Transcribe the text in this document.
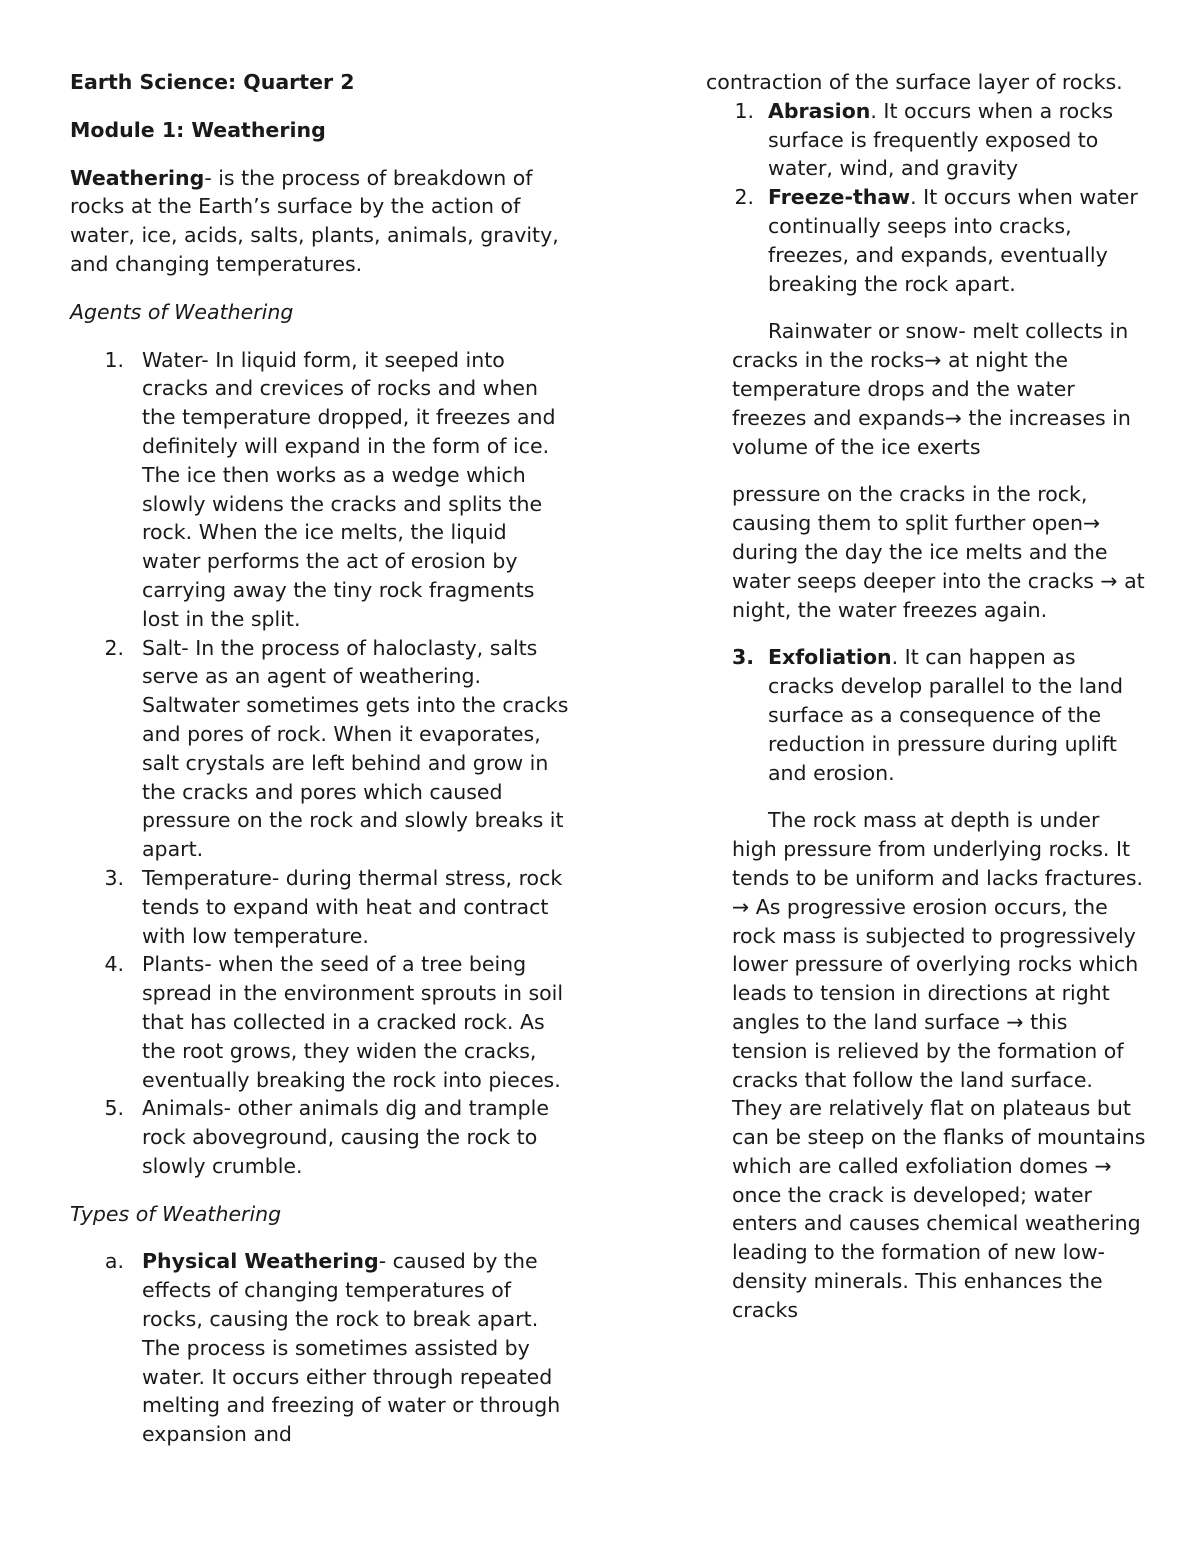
Earth Science: Quarter 2

Module 1: Weathering

Weathering- is the process of breakdown of rocks at the Earth’s surface by the action of water, ice, acids, salts, plants, animals, gravity, and changing temperatures.

Agents of Weathering

1. Water- In liquid form, it seeped into cracks and crevices of rocks and when the temperature dropped, it freezes and definitely will expand in the form of ice. The ice then works as a wedge which slowly widens the cracks and splits the rock. When the ice melts, the liquid water performs the act of erosion by carrying away the tiny rock fragments lost in the split.
2. Salt- In the process of haloclasty, salts serve as an agent of weathering. Saltwater sometimes gets into the cracks and pores of rock. When it evaporates, salt crystals are left behind and grow in the cracks and pores which caused pressure on the rock and slowly breaks it apart.
3. Temperature- during thermal stress, rock tends to expand with heat and contract with low temperature.
4. Plants- when the seed of a tree being spread in the environment sprouts in soil that has collected in a cracked rock. As the root grows, they widen the cracks, eventually breaking the rock into pieces.
5. Animals- other animals dig and trample rock aboveground, causing the rock to slowly crumble.

Types of Weathering

a. Physical Weathering- caused by the effects of changing temperatures of rocks, causing the rock to break apart. The process is sometimes assisted by water. It occurs either through repeated melting and freezing of water or through expansion and

contraction of the surface layer of rocks.

1. Abrasion. It occurs when a rocks surface is frequently exposed to water, wind, and gravity
2. Freeze-thaw. It occurs when water continually seeps into cracks, freezes, and expands, eventually breaking the rock apart.

Rainwater or snow- melt collects in cracks in the rocks→ at night the temperature drops and the water freezes and expands→ the increases in volume of the ice exerts

pressure on the cracks in the rock, causing them to split further open→ during the day the ice melts and the water seeps deeper into the cracks → at night, the water freezes again.

3. Exfoliation. It can happen as cracks develop parallel to the land surface as a consequence of the reduction in pressure during uplift and erosion.

The rock mass at depth is under high pressure from underlying rocks. It tends to be uniform and lacks fractures. → As progressive erosion occurs, the rock mass is subjected to progressively lower pressure of overlying rocks which leads to tension in directions at right angles to the land surface → this tension is relieved by the formation of cracks that follow the land surface. They are relatively flat on plateaus but can be steep on the flanks of mountains which are called exfoliation domes → once the crack is developed; water enters and causes chemical weathering leading to the formation of new low-density minerals. This enhances the cracks
